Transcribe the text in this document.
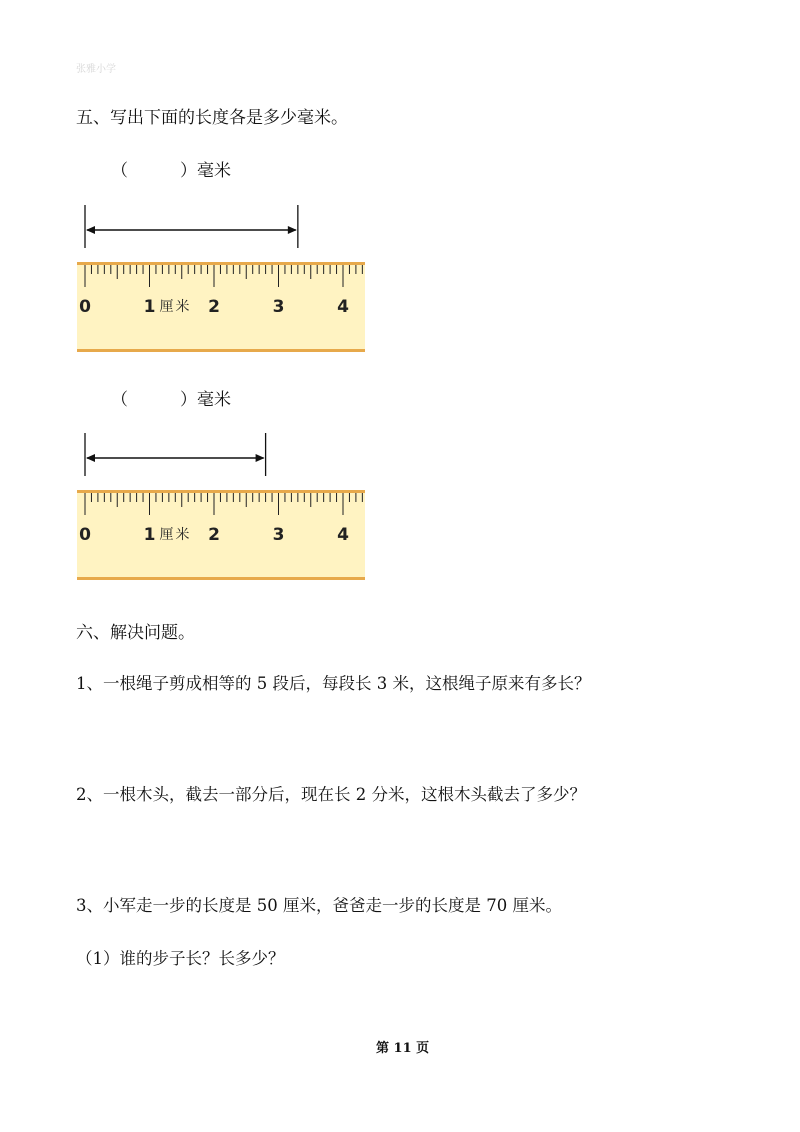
张雅小学
五、写出下面的长度各是多少毫米。
（	）毫米
0	1	2	3	4
厘米
（	）毫米
0	1	2	3	4
厘米
六、解决问题。
1、一根绳子剪成相等的 5 段后，每段长 3 米，这根绳子原来有多长？
2、一根木头，截去一部分后，现在长 2 分米，这根木头截去了多少？
3、小军走一步的长度是 50 厘米，爸爸走一步的长度是 70 厘米。
（1）谁的步子长？长多少？
第 11 页
